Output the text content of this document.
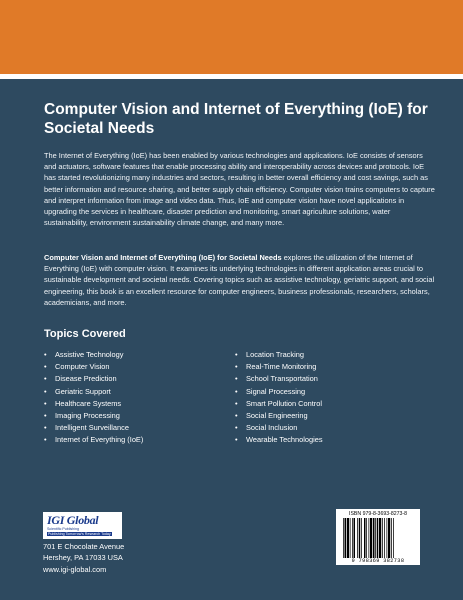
Computer Vision and Internet of Everything (IoE) for Societal Needs
The Internet of Everything (IoE) has been enabled by various technologies and applications. IoE consists of sensors and actuators, software features that enable processing ability and interoperability across devices and protocols. IoE has started revolutionizing many industries and sectors, resulting in better overall efficiency and cost savings, such as better information and resource sharing, and better supply chain efficiency. Computer vision trains computers to capture and interpret information from image and video data. Thus, IoE and computer vision have novel applications in upgrading the services in healthcare, disaster prediction and monitoring, smart agriculture solutions, water sustainability, environment sustainability climate change, and many more.
Computer Vision and Internet of Everything (IoE) for Societal Needs explores the utilization of the Internet of Everything (IoE) with computer vision. It examines its underlying technologies in different application areas crucial to sustainable development and societal needs. Covering topics such as assistive technology, geriatric support, and social engineering, this book is an excellent resource for computer engineers, business professionals, researchers, scholars, academicians, and more.
Topics Covered
• Assistive Technology
• Computer Vision
• Disease Prediction
• Geriatric Support
• Healthcare Systems
• Imaging Processing
• Intelligent Surveillance
• Internet of Everything (IoE)
• Location Tracking
• Real-Time Monitoring
• School Transportation
• Signal Processing
• Smart Pollution Control
• Social Engineering
• Social Inclusion
• Wearable Technologies
IGI Global
Scientific Publishing
Publishing Tomorrow's Research Today
701 E Chocolate Avenue
Hershey, PA 17033 USA
www.igi-global.com
ISBN 979-8-3693-8273-8
9 798369 382738
